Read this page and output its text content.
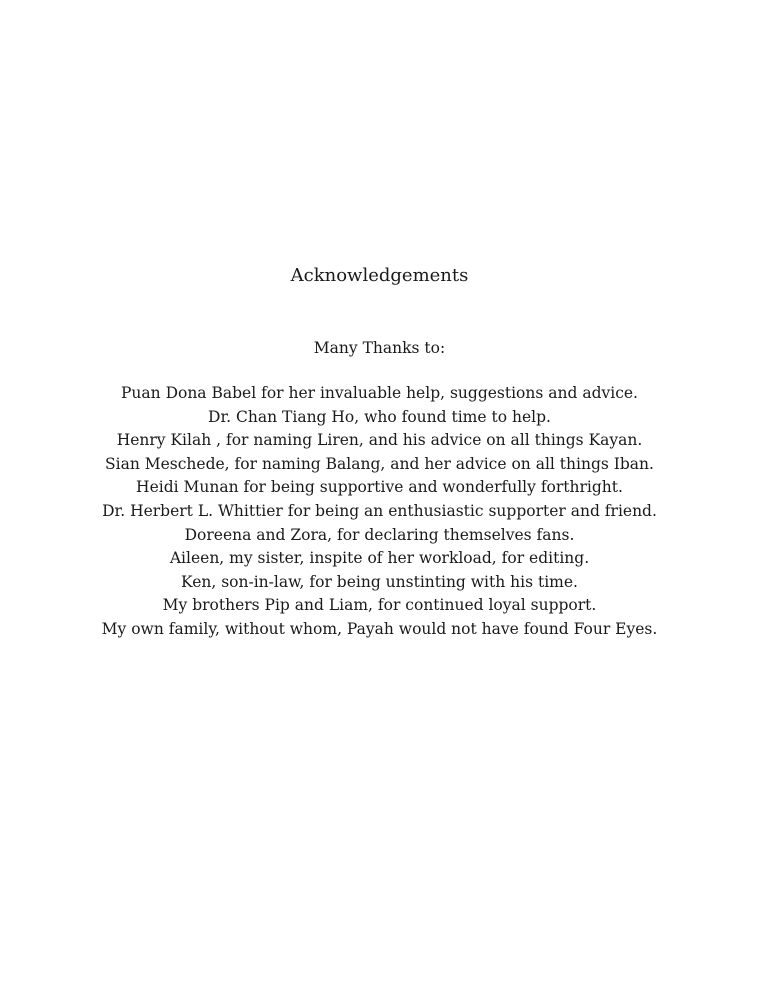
Acknowledgements

Many Thanks to:

Puan Dona Babel for her invaluable help, suggestions and advice.
Dr. Chan Tiang Ho, who found time to help.
Henry Kilah , for naming Liren, and his advice on all things Kayan.
Sian Meschede, for naming Balang, and her advice on all things Iban.
Heidi Munan for being supportive and wonderfully forthright.
Dr. Herbert L. Whittier for being an enthusiastic supporter and friend.
Doreena and Zora, for declaring themselves fans.
Aileen, my sister, inspite of her workload, for editing.
Ken, son-in-law, for being unstinting with his time.
My brothers Pip and Liam, for continued loyal support.
My own family, without whom, Payah would not have found Four Eyes.
